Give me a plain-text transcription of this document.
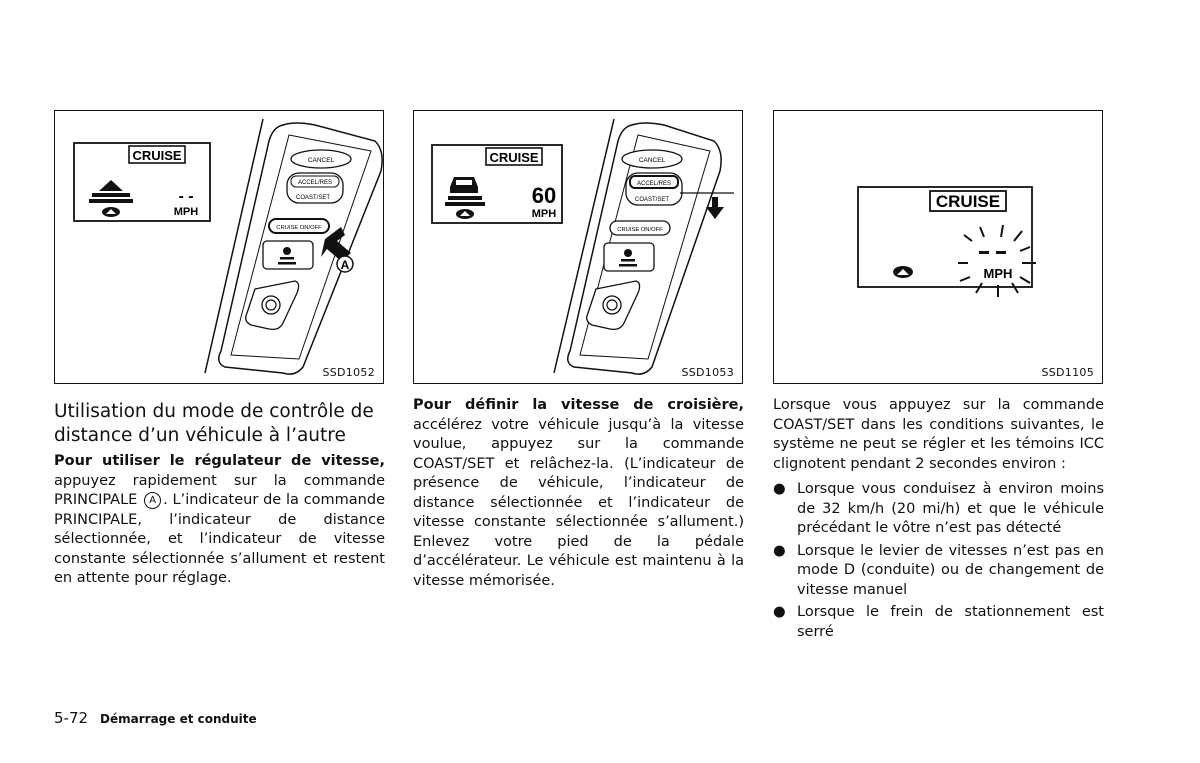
CRUISE
- -
MPH
CANCEL
ACCEL/RES
COAST/SET
CRUISE ON/OFF
A
SSD1052
CRUISE
60
MPH
CANCEL
ACCEL/RES
COAST/SET
CRUISE ON/OFF
SSD1053
CRUISE
MPH
SSD1105
Utilisation du mode de contrôle de distance d’un véhicule à l’autre

Pour utiliser le régulateur de vitesse, appuyez rapidement sur la commande PRINCIPALE A . L’indicateur de la commande PRINCIPALE, l’indicateur de distance sélectionnée, et l’indicateur de vitesse constante sélectionnée s’allument et restent en attente pour réglage.

Pour définir la vitesse de croisière, accélérez votre véhicule jusqu’à la vitesse voulue, appuyez sur la commande COAST/SET et relâchez-la. (L’indicateur de présence de véhicule, l’indicateur de distance sélectionnée et l’indicateur de vitesse constante sélectionnée s’allument.) Enlevez votre pied de la pédale d’accélérateur. Le véhicule est maintenu à la vitesse mémorisée.

Lorsque vous appuyez sur la commande COAST/SET dans les conditions suivantes, le système ne peut se régler et les témoins ICC clignotent pendant 2 secondes environ :

● Lorsque vous conduisez à environ moins de 32 km/h (20 mi/h) et que le véhicule précédant le vôtre n’est pas détecté
● Lorsque le levier de vitesses n’est pas en mode D (conduite) ou de changement de vitesse manuel
● Lorsque le frein de stationnement est serré
5-72 Démarrage et conduite
